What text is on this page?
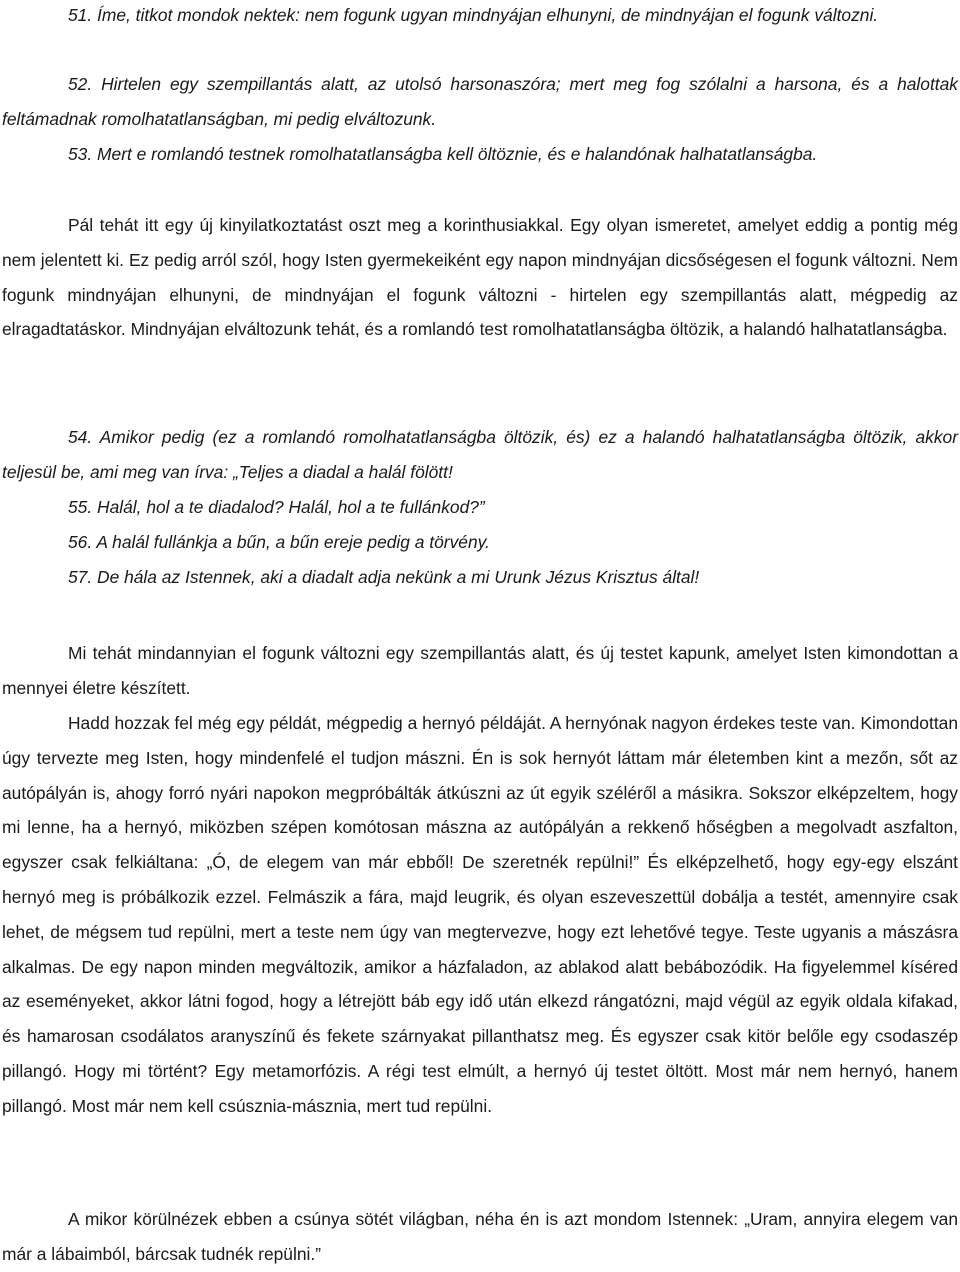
51. Íme, titkot mondok nektek: nem fogunk ugyan mindnyájan elhunyni, de mindnyájan el fogunk változni.

52. Hirtelen egy szempillantás alatt, az utolsó harsonaszóra; mert meg fog szólalni a harsona, és a halottak feltámadnak romolhatatlanságban, mi pedig elváltozunk.

53. Mert e romlandó testnek romolhatatlanságba kell öltöznie, és e halandónak halhatatlanságba.

Pál tehát itt egy új kinyilatkoztatást oszt meg a korinthusiakkal. Egy olyan ismeretet, amelyet eddig a pontig még nem jelentett ki. Ez pedig arról szól, hogy Isten gyermekeiként egy napon mindnyájan dicsőségesen el fogunk változni. Nem fogunk mindnyájan elhunyni, de mindnyájan el fogunk változni - hirtelen egy szempillantás alatt, mégpedig az elragadtatáskor. Mindnyájan elváltozunk tehát, és a romlandó test romolhatatlanságba öltözik, a halandó halhatatlanságba.

54. Amikor pedig (ez a romlandó romolhatatlanságba öltözik, és) ez a halandó halhatatlanságba öltözik, akkor teljesül be, ami meg van írva: „Teljes a diadal a halál fölött!

55. Halál, hol a te diadalod? Halál, hol a te fullánkod?”

56. A halál fullánkja a bűn, a bűn ereje pedig a törvény.

57. De hála az Istennek, aki a diadalt adja nekünk a mi Urunk Jézus Krisztus által!

Mi tehát mindannyian el fogunk változni egy szempillantás alatt, és új testet kapunk, amelyet Isten kimondottan a mennyei életre készített.

Hadd hozzak fel még egy példát, mégpedig a hernyó példáját. A hernyónak nagyon érdekes teste van. Kimondottan úgy tervezte meg Isten, hogy mindenfelé el tudjon mászni. Én is sok hernyót láttam már életemben kint a mezőn, sőt az autópályán is, ahogy forró nyári napokon megpróbálták átkúszni az út egyik széléről a másikra. Sokszor elképzeltem, hogy mi lenne, ha a hernyó, miközben szépen komótosan mászna az autópályán a rekkenő hőségben a megolvadt aszfalton, egyszer csak felkiáltana: „Ó, de elegem van már ebből! De szeretnék repülni!” És elképzelhető, hogy egy-egy elszánt hernyó meg is próbálkozik ezzel. Felmászik a fára, majd leugrik, és olyan eszeveszettül dobálja a testét, amennyire csak lehet, de mégsem tud repülni, mert a teste nem úgy van megtervezve, hogy ezt lehetővé tegye. Teste ugyanis a mászásra alkalmas. De egy napon minden megváltozik, amikor a házfaladon, az ablakod alatt bebábozódik. Ha figyelemmel kíséred az eseményeket, akkor látni fogod, hogy a létrejött báb egy idő után elkezd rángatózni, majd végül az egyik oldala kifakad, és hamarosan csodálatos aranyszínű és fekete szárnyakat pillanthatsz meg. És egyszer csak kitör belőle egy csodaszép pillangó. Hogy mi történt? Egy metamorfózis. A régi test elmúlt, a hernyó új testet öltött. Most már nem hernyó, hanem pillangó. Most már nem kell csúsznia-másznia, mert tud repülni.

A mikor körülnézek ebben a csúnya sötét világban, néha én is azt mondom Istennek: „Uram, annyira elegem van már a lábaimból, bárcsak tudnék repülni.”
